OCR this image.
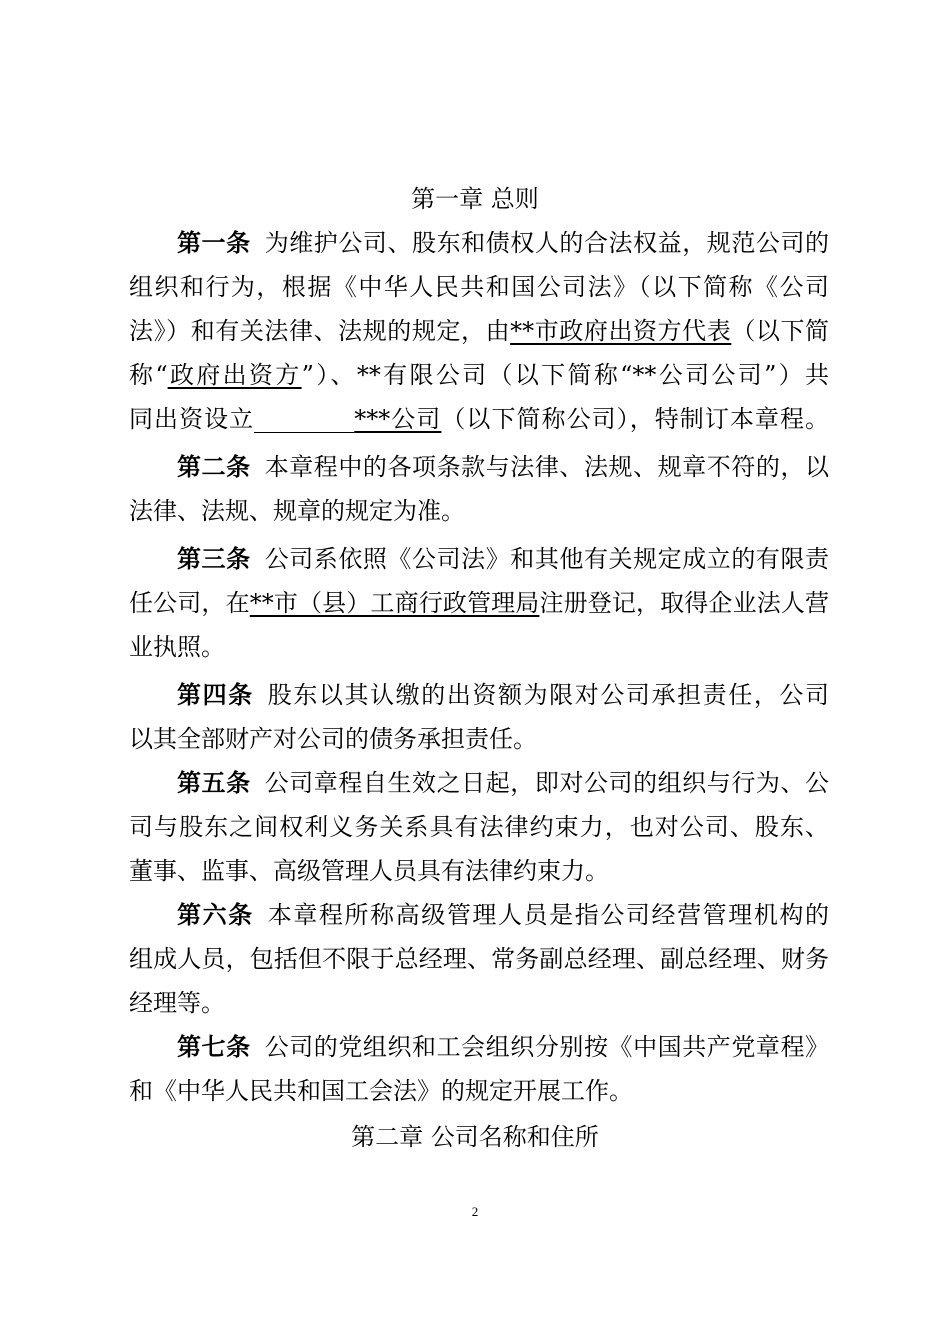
第一章 总则
第一条 为维护公司、股东和债权人的合法权益，规范公司的
组织和行为，根据《中华人民共和国公司法》（以下简称《公司
法》）和有关法律、法规的规定，由**市政府出资方代表（以下简
称“政府出资方”）、**有限公司（以下简称“**公司公司”）共
同出资设立	***公司（以下简称公司），特制订本章程。
第二条 本章程中的各项条款与法律、法规、规章不符的，以
法律、法规、规章的规定为准。
第三条 公司系依照《公司法》和其他有关规定成立的有限责
任公司，在**市（县）工商行政管理局注册登记，取得企业法人营
业执照。
第四条 股东以其认缴的出资额为限对公司承担责任，公司
以其全部财产对公司的债务承担责任。
第五条 公司章程自生效之日起，即对公司的组织与行为、公
司与股东之间权利义务关系具有法律约束力，也对公司、股东、
董事、监事、高级管理人员具有法律约束力。
第六条 本章程所称高级管理人员是指公司经营管理机构的
组成人员，包括但不限于总经理、常务副总经理、副总经理、财务
经理等。
第七条 公司的党组织和工会组织分别按《中国共产党章程》
和《中华人民共和国工会法》的规定开展工作。
第二章 公司名称和住所
2
